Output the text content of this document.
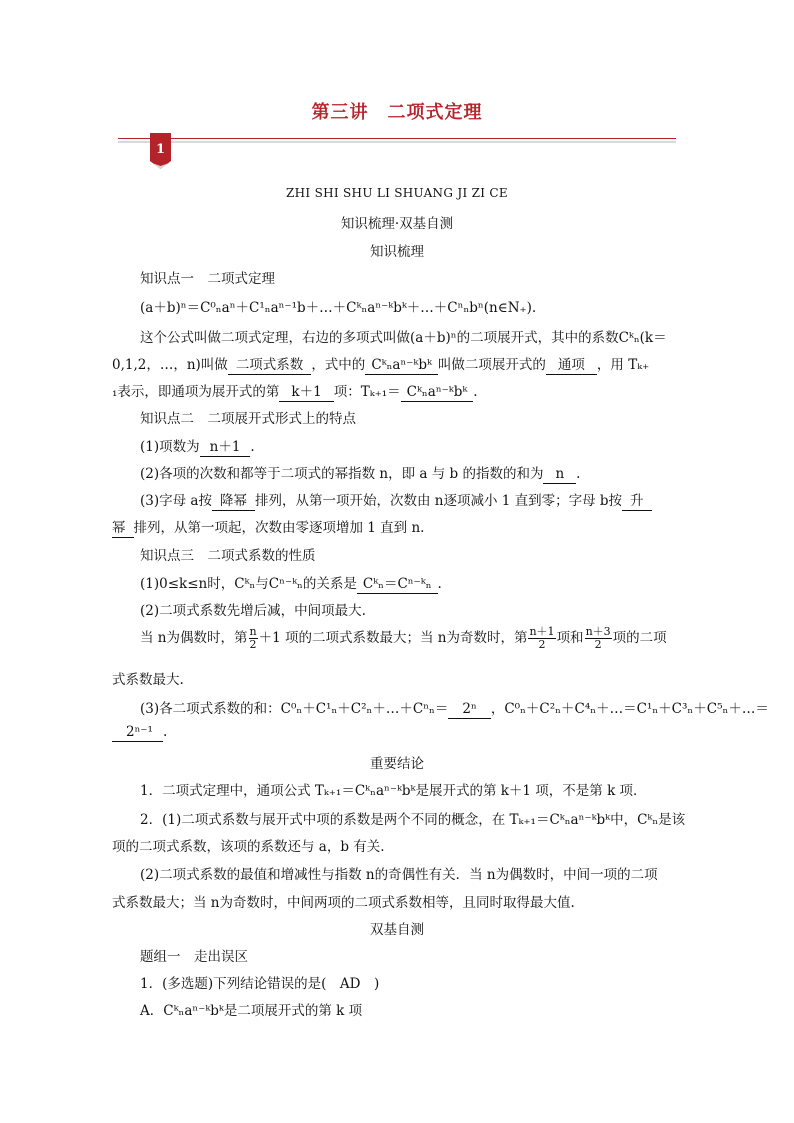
第三讲　二项式定理
1
ZHI SHI SHU LI SHUANG JI ZI CE
知识梳理·双基自测
知识梳理
知识点一　二项式定理
(a＋b)ⁿ＝C⁰ₙaⁿ＋C¹ₙaⁿ⁻¹b＋…＋Cᵏₙaⁿ⁻ᵏbᵏ＋…＋Cⁿₙbⁿ(n∈N₊).
这个公式叫做二项式定理，右边的多项式叫做(a＋b)ⁿ的二项展开式，其中的系数Cᵏₙ(k＝
0,1,2，…，n)叫做 二项式系数 ，式中的 Cᵏₙaⁿ⁻ᵏbᵏ 叫做二项展开式的 通项 ，用 Tₖ₊
₁表示，即通项为展开式的第 k＋1 项：Tₖ₊₁＝ Cᵏₙaⁿ⁻ᵏbᵏ .
知识点二　二项展开式形式上的特点
(1)项数为 n＋1 .
(2)各项的次数和都等于二项式的幂指数 n，即 a 与 b 的指数的和为 n .
(3)字母 a按 降幂 排列，从第一项开始，次数由 n逐项减小 1 直到零；字母 b按 升
幂 排列，从第一项起，次数由零逐项增加 1 直到 n.
知识点三　二项式系数的性质
(1)0≤k≤n时，Cᵏₙ与Cⁿ⁻ᵏₙ的关系是 Cᵏₙ＝Cⁿ⁻ᵏₙ .
(2)二项式系数先增后减，中间项最大.
当 n为偶数时，第 $\frac{n}{2} +1$ 项的二项式系数最大；当 n为奇数时，第 $\frac{n+1}{2}$ 项和 $\frac{n+3}{2}$ 项的二项
式系数最大.
(3)各二项式系数的和：C⁰ₙ＋C¹ₙ＋C²ₙ＋…＋Cⁿₙ＝ 2ⁿ ，C⁰ₙ＋C²ₙ＋C⁴ₙ＋…＝C¹ₙ＋C³ₙ＋C⁵ₙ＋…＝
2ⁿ⁻¹ .
重要结论
1．二项式定理中，通项公式 Tₖ₊₁＝Cᵏₙaⁿ⁻ᵏbᵏ是展开式的第 k＋1 项，不是第 k 项．
2．(1)二项式系数与展开式中项的系数是两个不同的概念，在 Tₖ₊₁＝Cᵏₙaⁿ⁻ᵏbᵏ中，Cᵏₙ是该
项的二项式系数，该项的系数还与 a，b 有关.
(2)二项式系数的最值和增减性与指数 n的奇偶性有关．当 n为偶数时，中间一项的二项
式系数最大；当 n为奇数时，中间两项的二项式系数相等，且同时取得最大值.
双基自测
题组一　走出误区
1．(多选题)下列结论错误的是(　AD　)
A．Cᵏₙaⁿ⁻ᵏbᵏ是二项展开式的第 k 项
